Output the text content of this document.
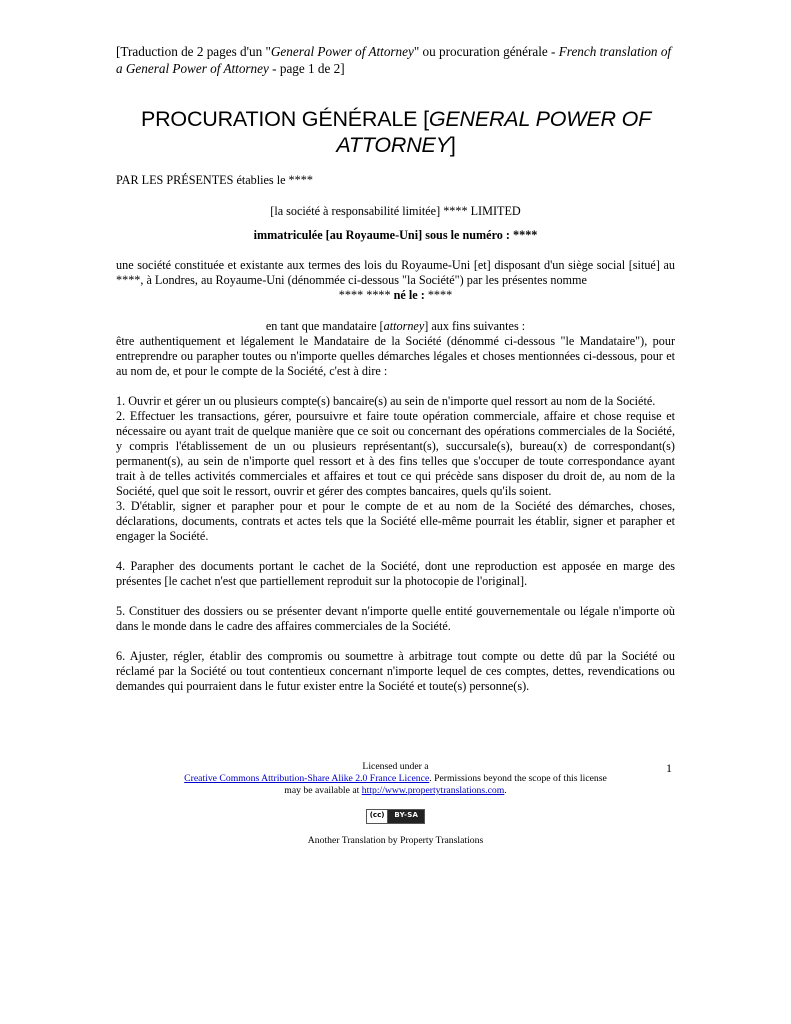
[Traduction de 2 pages d'un "General Power of Attorney" ou procuration générale - French translation of a General Power of Attorney - page 1 de 2]
PROCURATION GÉNÉRALE [GENERAL POWER OF ATTORNEY]

PAR LES PRÉSENTES établies le ****

[la société à responsabilité limitée] **** LIMITED

immatriculée [au Royaume-Uni] sous le numéro : ****

une société constituée et existante aux termes des lois du Royaume-Uni [et] disposant d'un siège social [situé] au ****, à Londres, au Royaume-Uni (dénommée ci-dessous "la Société") par les présentes nomme

**** **** né le : ****

en tant que mandataire [attorney] aux fins suivantes :

être authentiquement et légalement le Mandataire de la Société (dénommé ci-dessous "le Mandataire"), pour entreprendre ou parapher toutes ou n'importe quelles démarches légales et choses mentionnées ci-dessous, pour et au nom de, et pour le compte de la Société, c'est à dire :

1. Ouvrir et gérer un ou plusieurs compte(s) bancaire(s) au sein de n'importe quel ressort au nom de la Société.

2. Effectuer les transactions, gérer, poursuivre et faire toute opération commerciale, affaire et chose requise et nécessaire ou ayant trait de quelque manière que ce soit ou concernant des opérations commerciales de la Société, y compris l'établissement de un ou plusieurs représentant(s), succursale(s), bureau(x) de correspondant(s) permanent(s), au sein de n'importe quel ressort et à des fins telles que s'occuper de toute correspondance ayant trait à de telles activités commerciales et affaires et tout ce qui précède sans disposer du droit de, au nom de la Société, quel que soit le ressort, ouvrir et gérer des comptes bancaires, quels qu'ils soient.

3. D'établir, signer et parapher pour et pour le compte de et au nom de la Société des démarches, choses, déclarations, documents, contrats et actes tels que la Société elle-même pourrait les établir, signer et parapher et engager la Société.

4. Parapher des documents portant le cachet de la Société, dont une reproduction est apposée en marge des présentes [le cachet n'est que partiellement reproduit sur la photocopie de l'original].

5. Constituer des dossiers ou se présenter devant n'importe quelle entité gouvernementale ou légale n'importe où dans le monde dans le cadre des affaires commerciales de la Société.

6. Ajuster, régler, établir des compromis ou soumettre à arbitrage tout compte ou dette dû par la Société ou réclamé par la Société ou tout contentieux concernant n'importe lequel de ces comptes, dettes, revendications ou demandes qui pourraient dans le futur exister entre la Société et toute(s) personne(s).

1
Licensed under a
Creative Commons Attribution-Share Alike 2.0 France Licence. Permissions beyond the scope of this license
may be available at http://www.propertytranslations.com.
(cc)	BY-SA
Another Translation by Property Translations
